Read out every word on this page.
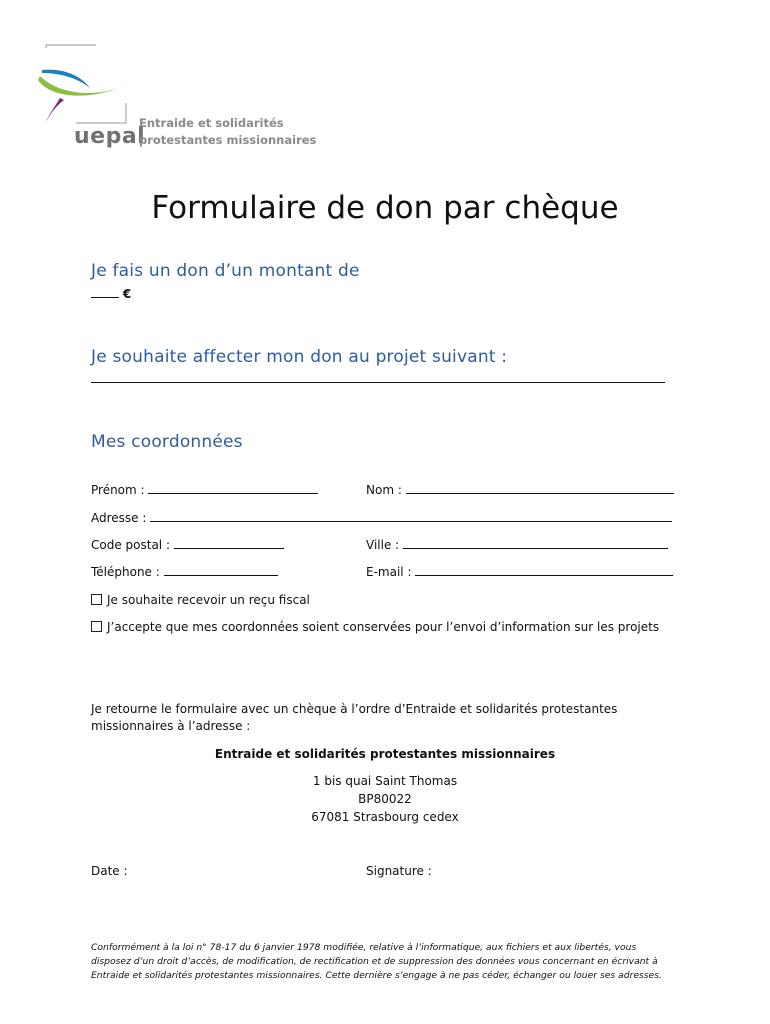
uepal
Entraide et solidarités
protestantes missionnaires
Formulaire de don par chèque
Je fais un don d’un montant de
€
Je souhaite affecter mon don au projet suivant :
Mes coordonnées
Prénom :	Nom :
Adresse :
Code postal :	Ville :
Téléphone :	E-mail :
Je souhaite recevoir un reçu fiscal
J’accepte que mes coordonnées soient conservées pour l’envoi d’information sur les projets
Je retourne le formulaire avec un chèque à l’ordre d’Entraide et solidarités protestantes
missionnaires à l’adresse :
Entraide et solidarités protestantes missionnaires
1 bis quai Saint Thomas
BP80022
67081 Strasbourg cedex
Date :	Signature :
Conformément à la loi n° 78-17 du 6 janvier 1978 modifiée, relative à l’informatique, aux fichiers et aux libertés, vous
disposez d’un droit d’accès, de modification, de rectification et de suppression des données vous concernant en écrivant à
Entraide et solidarités protestantes missionnaires. Cette dernière s’engage à ne pas céder, échanger ou louer ses adresses.
